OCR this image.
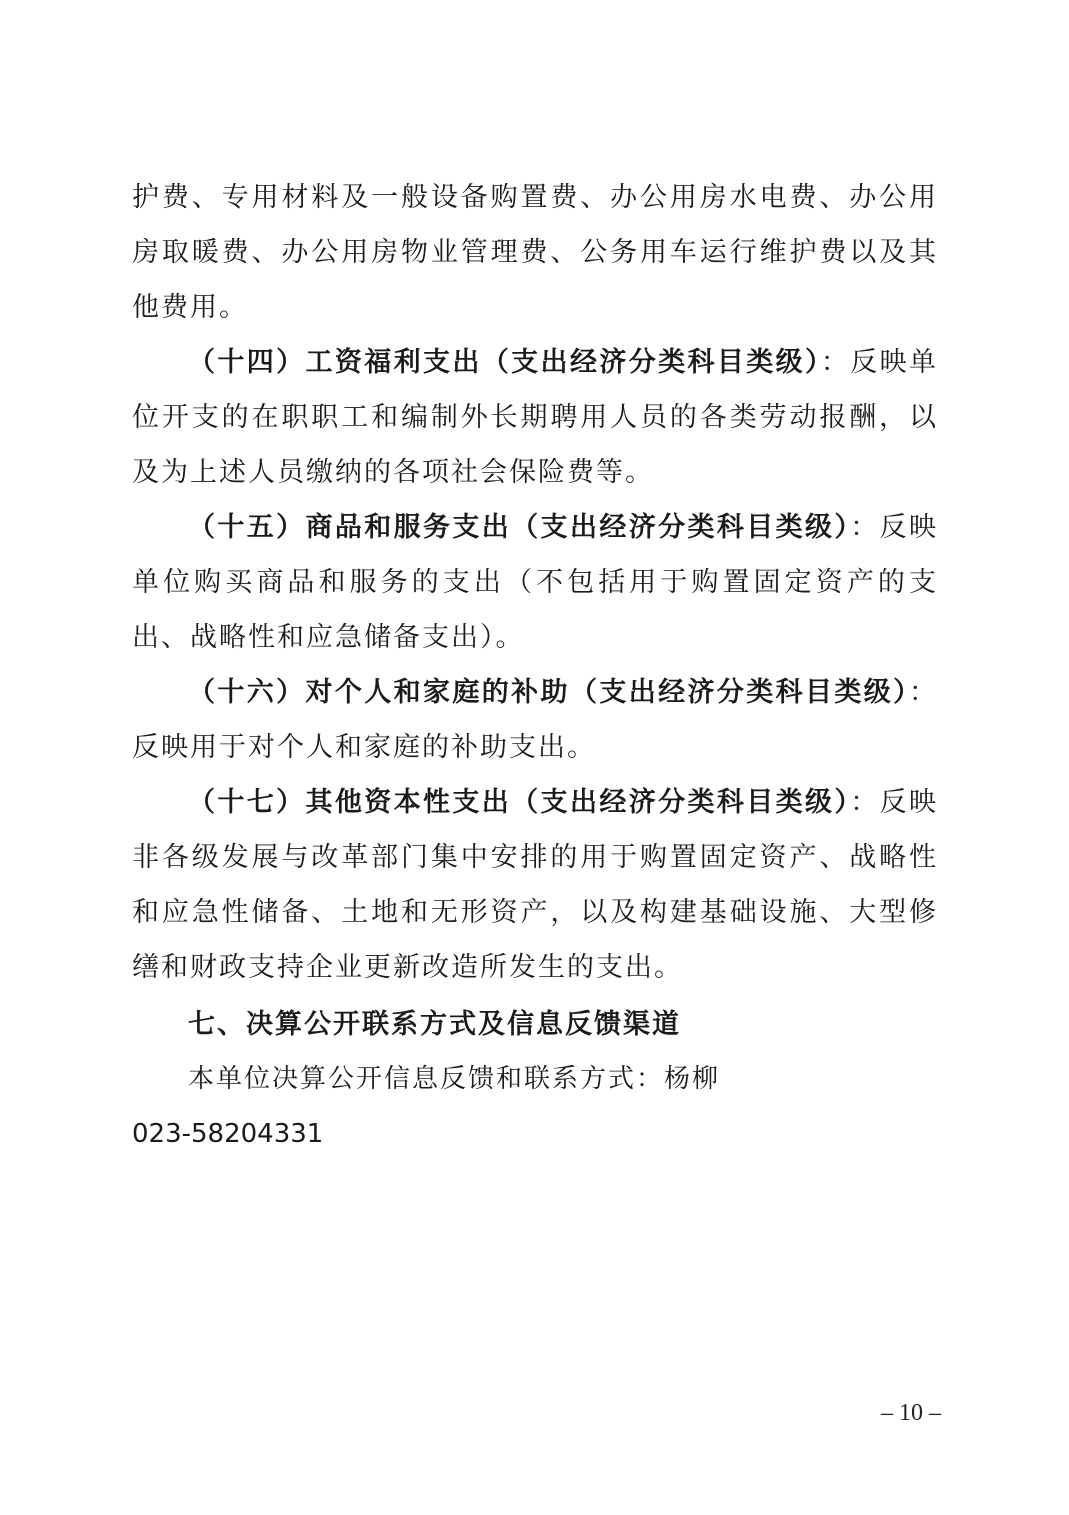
护费、专用材料及一般设备购置费、办公用房水电费、办公用房取暖费、办公用房物业管理费、公务用车运行维护费以及其他费用。

（十四）工资福利支出（支出经济分类科目类级）：反映单位开支的在职职工和编制外长期聘用人员的各类劳动报酬，以及为上述人员缴纳的各项社会保险费等。

（十五）商品和服务支出（支出经济分类科目类级）：反映单位购买商品和服务的支出（不包括用于购置固定资产的支出、战略性和应急储备支出）。

（十六）对个人和家庭的补助（支出经济分类科目类级）：反映用于对个人和家庭的补助支出。

（十七）其他资本性支出（支出经济分类科目类级）：反映非各级发展与改革部门集中安排的用于购置固定资产、战略性和应急性储备、土地和无形资产，以及构建基础设施、大型修缮和财政支持企业更新改造所发生的支出。

七、决算公开联系方式及信息反馈渠道

本单位决算公开信息反馈和联系方式：杨柳

023-58204331

– 10 –
